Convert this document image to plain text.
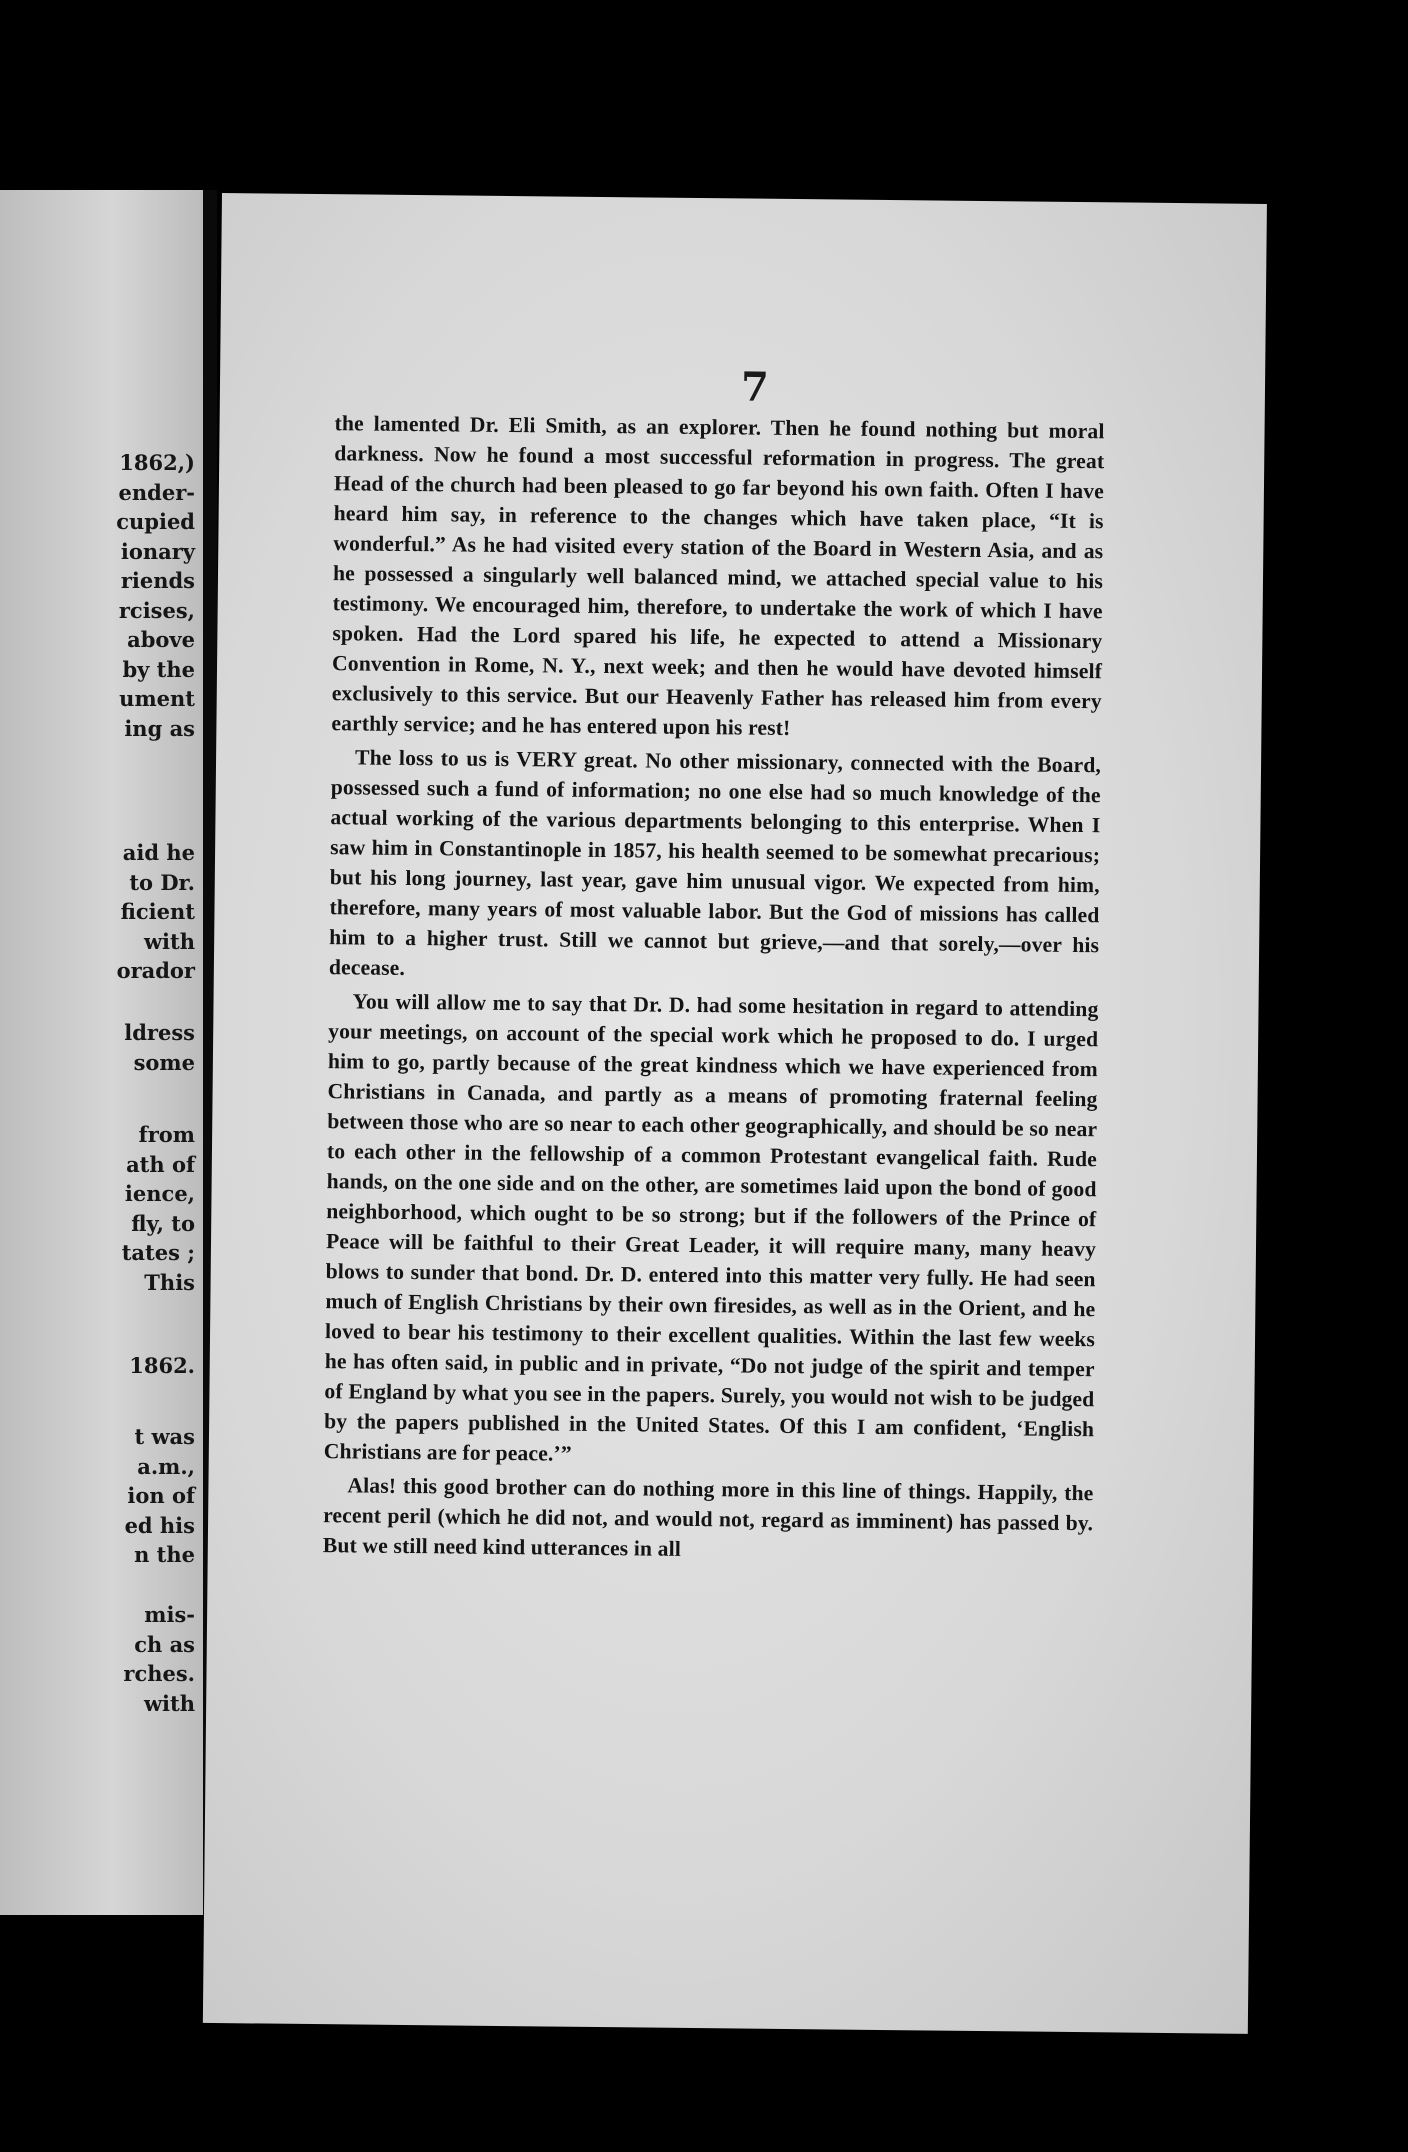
1862,)

ender-

cupied

ionary

riends

rcises,

above

by the

ument

ing as

aid he

to Dr.

ficient

with

orador

ldress

some

from

ath of

ience,

fly, to

tates ;

This

1862.

t was

a.m.,

ion of

ed his

n the

mis-

ch as

rches.

with

7

the lamented Dr. Eli Smith, as an explorer. Then he found nothing but moral darkness. Now he found a most successful reformation in progress. The great Head of the church had been pleased to go far beyond his own faith. Often I have heard him say, in reference to the changes which have taken place, “It is wonderful.” As he had visited every station of the Board in Western Asia, and as he possessed a singularly well balanced mind, we attached special value to his testimony. We encouraged him, therefore, to undertake the work of which I have spoken. Had the Lord spared his life, he expected to attend a Missionary Convention in Rome, N. Y., next week; and then he would have devoted himself exclusively to this service. But our Heavenly Father has released him from every earthly service; and he has entered upon his rest!

The loss to us is VERY great. No other missionary, connected with the Board, possessed such a fund of information; no one else had so much knowledge of the actual working of the various departments belonging to this enterprise. When I saw him in Constantinople in 1857, his health seemed to be somewhat precarious; but his long journey, last year, gave him unusual vigor. We expected from him, therefore, many years of most valuable labor. But the God of missions has called him to a higher trust. Still we cannot but grieve,—and that sorely,—over his decease.

You will allow me to say that Dr. D. had some hesitation in regard to attending your meetings, on account of the special work which he proposed to do. I urged him to go, partly because of the great kindness which we have experienced from Christians in Canada, and partly as a means of promoting fraternal feeling between those who are so near to each other geographically, and should be so near to each other in the fellowship of a common Protestant evangelical faith. Rude hands, on the one side and on the other, are sometimes laid upon the bond of good neighborhood, which ought to be so strong; but if the followers of the Prince of Peace will be faithful to their Great Leader, it will require many, many heavy blows to sunder that bond. Dr. D. entered into this matter very fully. He had seen much of English Christians by their own firesides, as well as in the Orient, and he loved to bear his testimony to their excellent qualities. Within the last few weeks he has often said, in public and in private, “Do not judge of the spirit and temper of England by what you see in the papers. Surely, you would not wish to be judged by the papers published in the United States. Of this I am confident, ‘English Christians are for peace.’”

Alas! this good brother can do nothing more in this line of things. Happily, the recent peril (which he did not, and would not, regard as imminent) has passed by. But we still need kind utterances in all
